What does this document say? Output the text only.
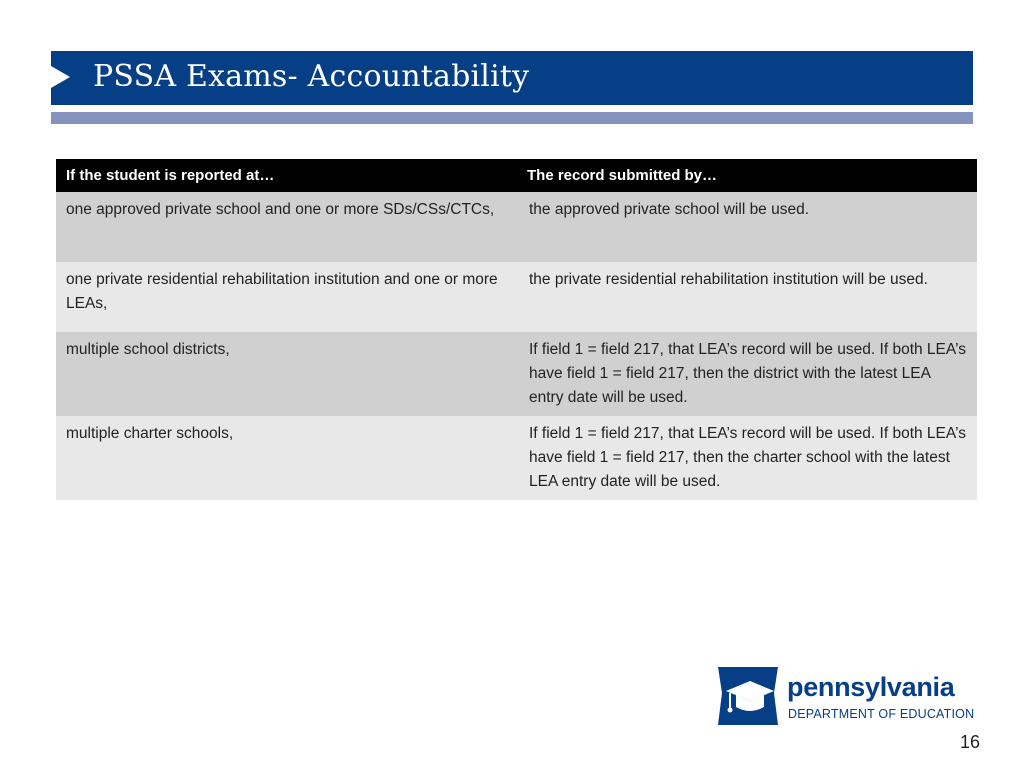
PSSA Exams- Accountability
If the student is reported at…	The record submitted by…
one approved private school and one or more SDs/CSs/CTCs,	the approved private school will be used.
one private residential rehabilitation institution and one or more LEAs,	the private residential rehabilitation institution will be used.
multiple school districts,	If field 1 = field 217, that LEA’s record will be used. If both LEA’s have field 1 = field 217, then the district with the latest LEA entry date will be used.
multiple charter schools,	If field 1 = field 217, that LEA’s record will be used. If both LEA’s have field 1 = field 217, then the charter school with the latest LEA entry date will be used.
pennsylvania
DEPARTMENT OF EDUCATION
16
